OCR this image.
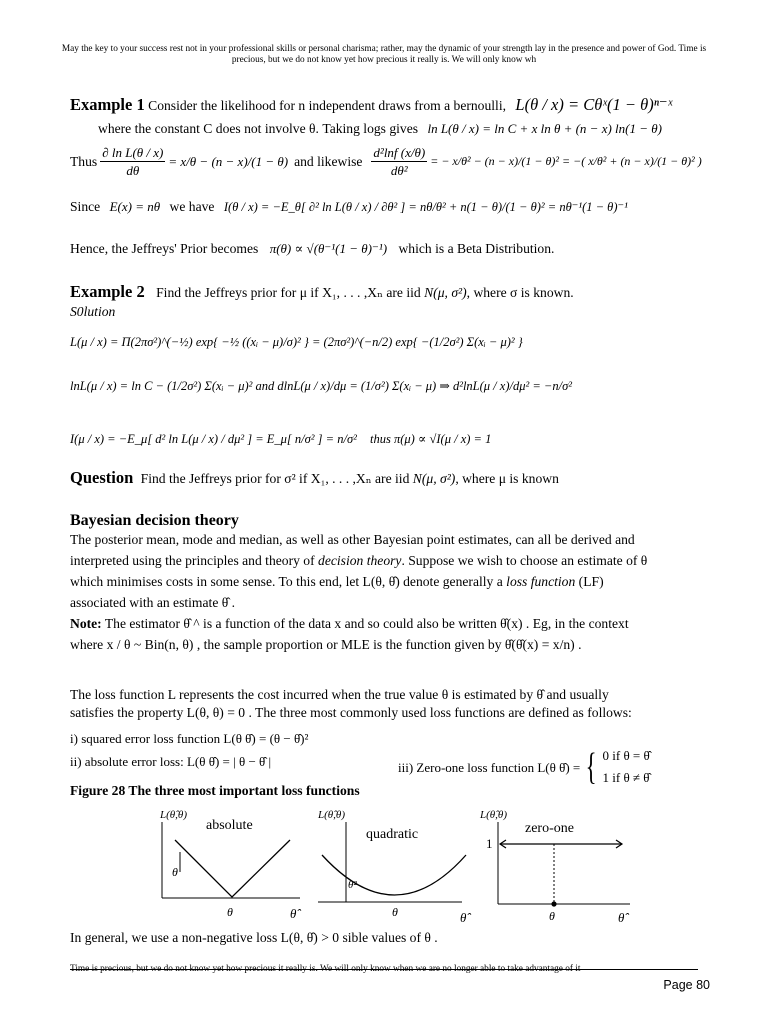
May the key to your success rest not in your professional skills or personal charisma; rather, may the dynamic of your strength lay in the presence and power of God. Time is precious, but we do not know yet how precious it really is. We will only know wh
Example 1 Consider the likelihood for n independent draws from a bernoulli, L(θ / x) = Cθˣ(1 − θ)ⁿ⁻ˣ
where the constant C does not involve θ. Taking logs gives ln L(θ / x) = ln C + x ln θ + (n − x) ln(1 − θ)
Thus $\frac{\text{∂ ln L(θ / x)}}{d\theta} = x/\theta - (n - x)/(1 - \theta)$ and likewise $\frac{\text{d²lnf (x/θ)}}{\text{dθ²}}$ = − x/θ² − (n − x)/(1 − θ)² = −( x/θ² + (n − x)/(1 − θ)² )
Since E(x) = nθ we have I(θ / x) = −E_θ[ ∂² ln L(θ / x) / ∂θ² ] = nθ/θ² + n(1 − θ)/(1 − θ)² = nθ⁻¹(1 − θ)⁻¹
Hence, the Jeffreys' Prior becomes π(θ) ∝ √(θ⁻¹(1 − θ)⁻¹) which is a Beta Distribution.
Example 2 Find the Jeffreys prior for μ if X₁, . . . ,Xₙ are iid N(μ, σ²), where σ is known.
S0lution
L(μ / x) = Π(2πσ²)^(−½) exp{ −½ ((xᵢ − μ)/σ)² } = (2πσ²)^(−n/2) exp{ −(1/2σ²) Σ(xᵢ − μ)² }
lnL(μ / x) = ln C − (1/2σ²) Σ(xᵢ − μ)² and dlnL(μ / x)/dμ = (1/σ²) Σ(xᵢ − μ) ⇒ d²lnL(μ / x)/dμ² = −n/σ²
I(μ / x) = −E_μ[ d² ln L(μ / x) / dμ² ] = E_μ[ n/σ² ] = n/σ² thus π(μ) ∝ √I(μ / x) = 1
Question Find the Jeffreys prior for σ² if X₁, . . . ,Xₙ are iid N(μ, σ²), where μ is known
Bayesian decision theory
The posterior mean, mode and median, as well as other Bayesian point estimates, can all be derived and
interpreted using the principles and theory of decision theory. Suppose we wish to choose an estimate of θ
which minimises costs in some sense. To this end, let L(θ, θ̂) denote generally a loss function (LF)
associated with an estimate θ̂ .
Note: The estimator θ̂ ^ is a function of the data x and so could also be written θ̂(x) . Eg, in the context
where x / θ ~ Bin(n, θ) , the sample proportion or MLE is the function given by θ̂(θ̂(x) = x/n) .
The loss function L represents the cost incurred when the true value θ is estimated by θ̂ and usually
satisfies the property L(θ, θ) = 0 . The three most commonly used loss functions are defined as follows:
i) squared error loss function L(θ θ̂) = (θ − θ̂)²
ii) absolute error loss: L(θ θ̂) = | θ − θ̂ |	iii) Zero-one loss function L(θ θ̂) = { 0 if θ = θ̂
1 if θ ≠ θ̂
Figure 28 The three most important loss functions
L(θ̂,θ)
absolute
θ
θ	θ̂
L(θ̂,θ)
quadratic
θ²
θ	θ̂
L(θ̂,θ)
zero-one
1
θ	θ̂
In general, we use a non-negative loss L(θ, θ̂) > 0 sible values of θ .
Time is precious, but we do not know yet how precious it really is. We will only know when we are no longer able to take advantage of it
Page 80
